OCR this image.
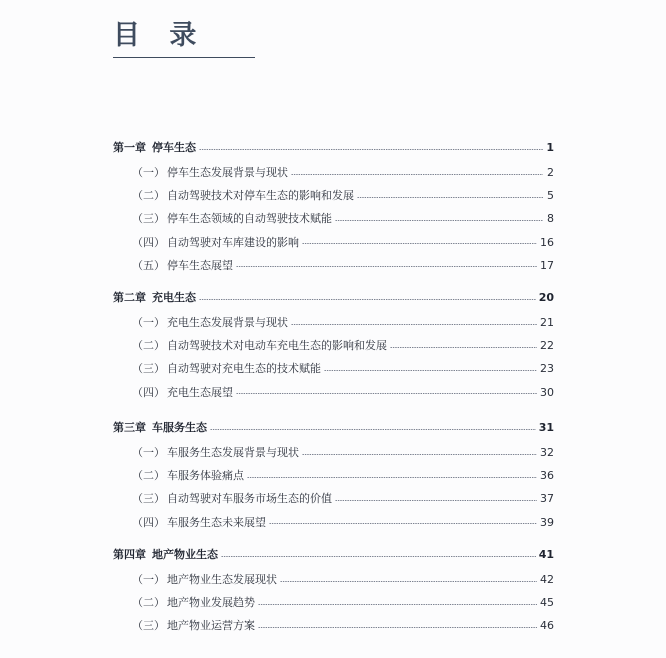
目 录
第一章 停车生态	1
（一） 停车生态发展背景与现状	2
（二） 自动驾驶技术对停车生态的影响和发展	5
（三） 停车生态领域的自动驾驶技术赋能	8
（四） 自动驾驶对车库建设的影响	16
（五） 停车生态展望	17
第二章 充电生态	20
（一） 充电生态发展背景与现状	21
（二） 自动驾驶技术对电动车充电生态的影响和发展	22
（三） 自动驾驶对充电生态的技术赋能	23
（四） 充电生态展望	30
第三章 车服务生态	31
（一） 车服务生态发展背景与现状	32
（二） 车服务体验痛点	36
（三） 自动驾驶对车服务市场生态的价值	37
（四） 车服务生态未来展望	39
第四章 地产物业生态	41
（一） 地产物业生态发展现状	42
（二） 地产物业发展趋势	45
（三） 地产物业运营方案	46
